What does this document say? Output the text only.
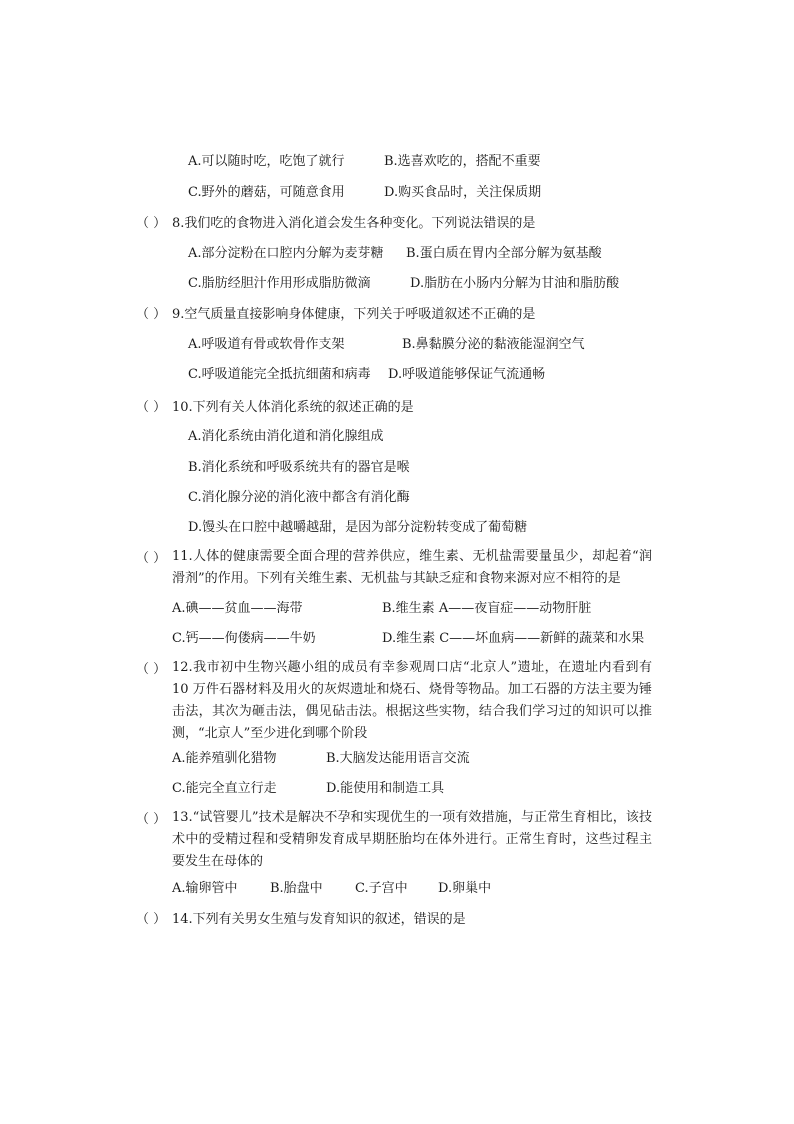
A.可以随时吃，吃饱了就行	B.选喜欢吃的，搭配不重要
C.野外的蘑菇，可随意食用	D.购买食品时，关注保质期
（ ） 8.我们吃的食物进入消化道会发生各种变化。下列说法错误的是
A.部分淀粉在口腔内分解为麦芽糖 B.蛋白质在胃内全部分解为氨基酸
C.脂肪经胆汁作用形成脂肪微滴	D.脂肪在小肠内分解为甘油和脂肪酸
（ ） 9.空气质量直接影响身体健康，下列关于呼吸道叙述不正确的是
A.呼吸道有骨或软骨作支架	B.鼻黏膜分泌的黏液能湿润空气
C.呼吸道能完全抵抗细菌和病毒 D.呼吸道能够保证气流通畅
（ ） 10.下列有关人体消化系统的叙述正确的是
A.消化系统由消化道和消化腺组成
B.消化系统和呼吸系统共有的器官是喉
C.消化腺分泌的消化液中都含有消化酶
D.馒头在口腔中越嚼越甜，是因为部分淀粉转变成了葡萄糖
（ ） 11.人体的健康需要全面合理的营养供应，维生素、无机盐需要量虽少，却起着“润滑剂”的作用。下列有关维生素、无机盐与其缺乏症和食物来源对应不相符的是
A.碘——贫血——海带	B.维生素 A——夜盲症——动物肝脏
C.钙——佝偻病——牛奶	D.维生素 C——坏血病——新鲜的蔬菜和水果
（ ） 12.我市初中生物兴趣小组的成员有幸参观周口店“北京人”遗址，在遗址内看到有 10 万件石器材料及用火的灰烬遗址和烧石、烧骨等物品。加工石器的方法主要为锤击法，其次为砸击法，偶见砧击法。根据这些实物，结合我们学习过的知识可以推测，“北京人”至少进化到哪个阶段
A.能养殖驯化猎物	B.大脑发达能用语言交流
C.能完全直立行走	D.能使用和制造工具
（ ） 13.“试管婴儿”技术是解决不孕和实现优生的一项有效措施，与正常生育相比，该技术中的受精过程和受精卵发育成早期胚胎均在体外进行。正常生育时，这些过程主要发生在母体的
A.输卵管中 B.胎盘中 C.子宫中 D.卵巢中
（ ） 14.下列有关男女生殖与发育知识的叙述，错误的是
